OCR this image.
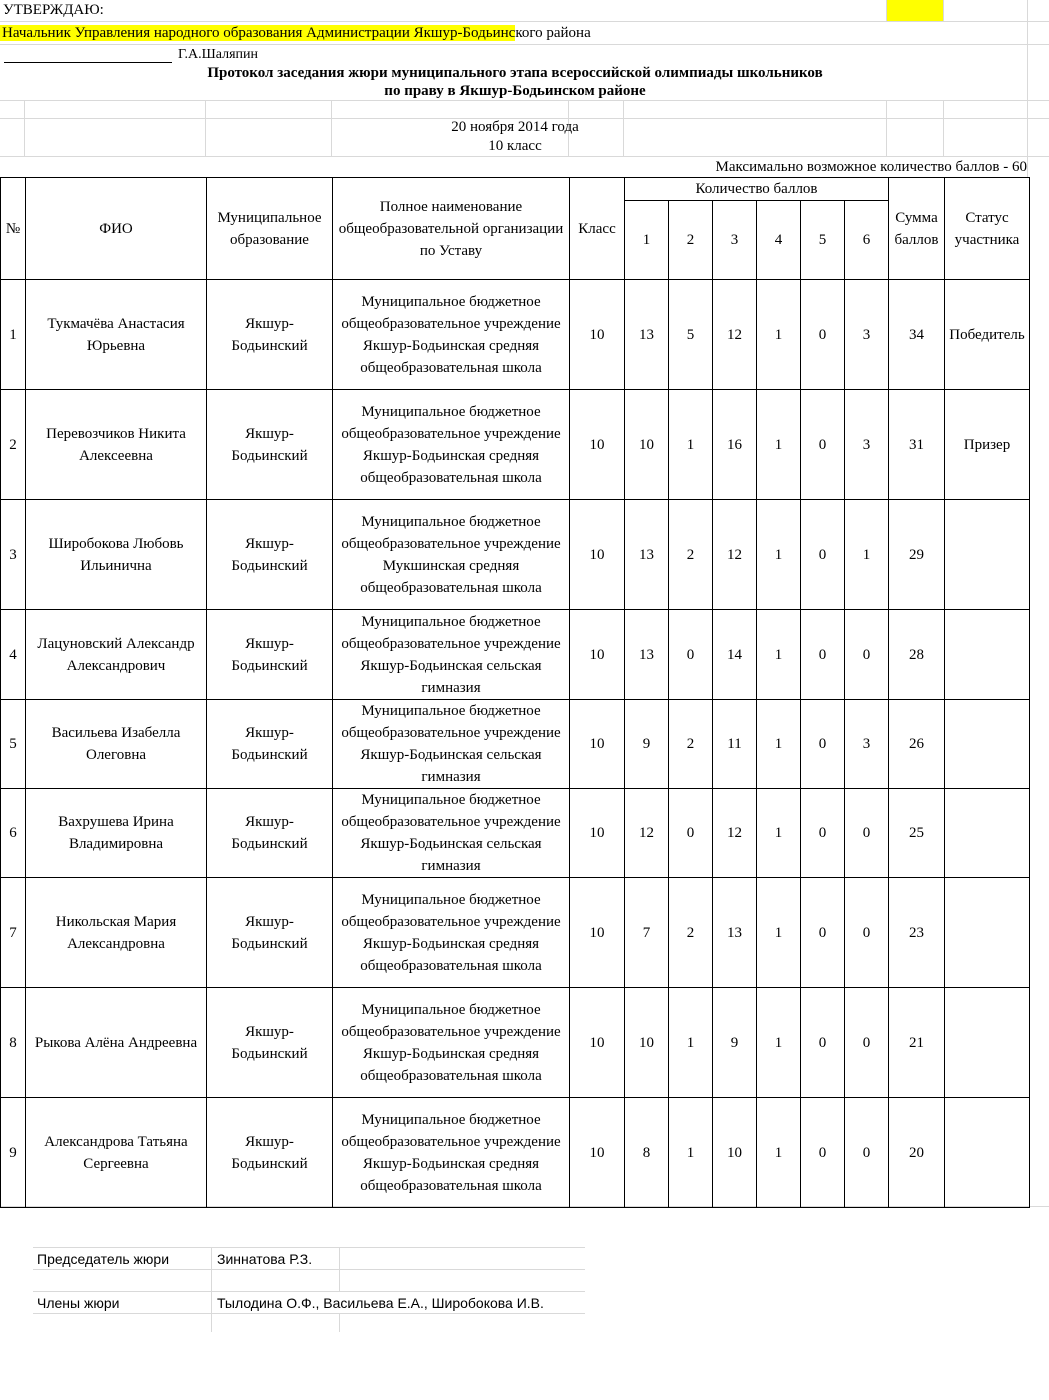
УТВЕРЖДАЮ:
Начальник Управления народного образования Администрации Якшур-Бодьинского района
Г.А.Шаляпин
Протокол заседания жюри муниципального этапа всероссийской олимпиады школьников
по праву в Якшур-Бодьинском районе
20 ноября 2014 года
10 класс
Максимально возможное количество баллов - 60
№	ФИО	Муниципальное образование	Полное наименование общеобразовательной организации по Уставу	Класс	Количество баллов						Сумма баллов	Статус участника
					1	2	3	4	5	6		
1	Тукмачёва Анастасия Юрьевна	Якшур-Бодьинский	Муниципальное бюджетное общеобразовательное учреждение Якшур-Бодьинская средняя общеобразовательная школа	10	13	5	12	1	0	3	34	Победитель
2	Перевозчиков Никита Алексеевна	Якшур-Бодьинский	Муниципальное бюджетное общеобразовательное учреждение Якшур-Бодьинская средняя общеобразовательная школа	10	10	1	16	1	0	3	31	Призер
3	Широбокова Любовь Ильинична	Якшур-Бодьинский	Муниципальное бюджетное общеобразовательное учреждение Мукшинская средняя общеобразовательная школа	10	13	2	12	1	0	1	29	
4	Лацуновский Александр Александрович	Якшур-Бодьинский	Муниципальное бюджетное общеобразовательное учреждение Якшур-Бодьинская сельская гимназия	10	13	0	14	1	0	0	28	
5	Васильева Изабелла Олеговна	Якшур-Бодьинский	Муниципальное бюджетное общеобразовательное учреждение Якшур-Бодьинская сельская гимназия	10	9	2	11	1	0	3	26	
6	Вахрушева Ирина Владимировна	Якшур-Бодьинский	Муниципальное бюджетное общеобразовательное учреждение Якшур-Бодьинская сельская гимназия	10	12	0	12	1	0	0	25	
7	Никольская Мария Александровна	Якшур-Бодьинский	Муниципальное бюджетное общеобразовательное учреждение Якшур-Бодьинская средняя общеобразовательная школа	10	7	2	13	1	0	0	23	
8	Рыкова Алёна Андреевна	Якшур-Бодьинский	Муниципальное бюджетное общеобразовательное учреждение Якшур-Бодьинская средняя общеобразовательная школа	10	10	1	9	1	0	0	21	
9	Александрова Татьяна Сергеевна	Якшур-Бодьинский	Муниципальное бюджетное общеобразовательное учреждение Якшур-Бодьинская средняя общеобразовательная школа	10	8	1	10	1	0	0	20	
Председатель жюри	Зиннатова Р.З.
Члены жюри	Тылодина О.Ф., Васильева Е.А., Широбокова И.В.
